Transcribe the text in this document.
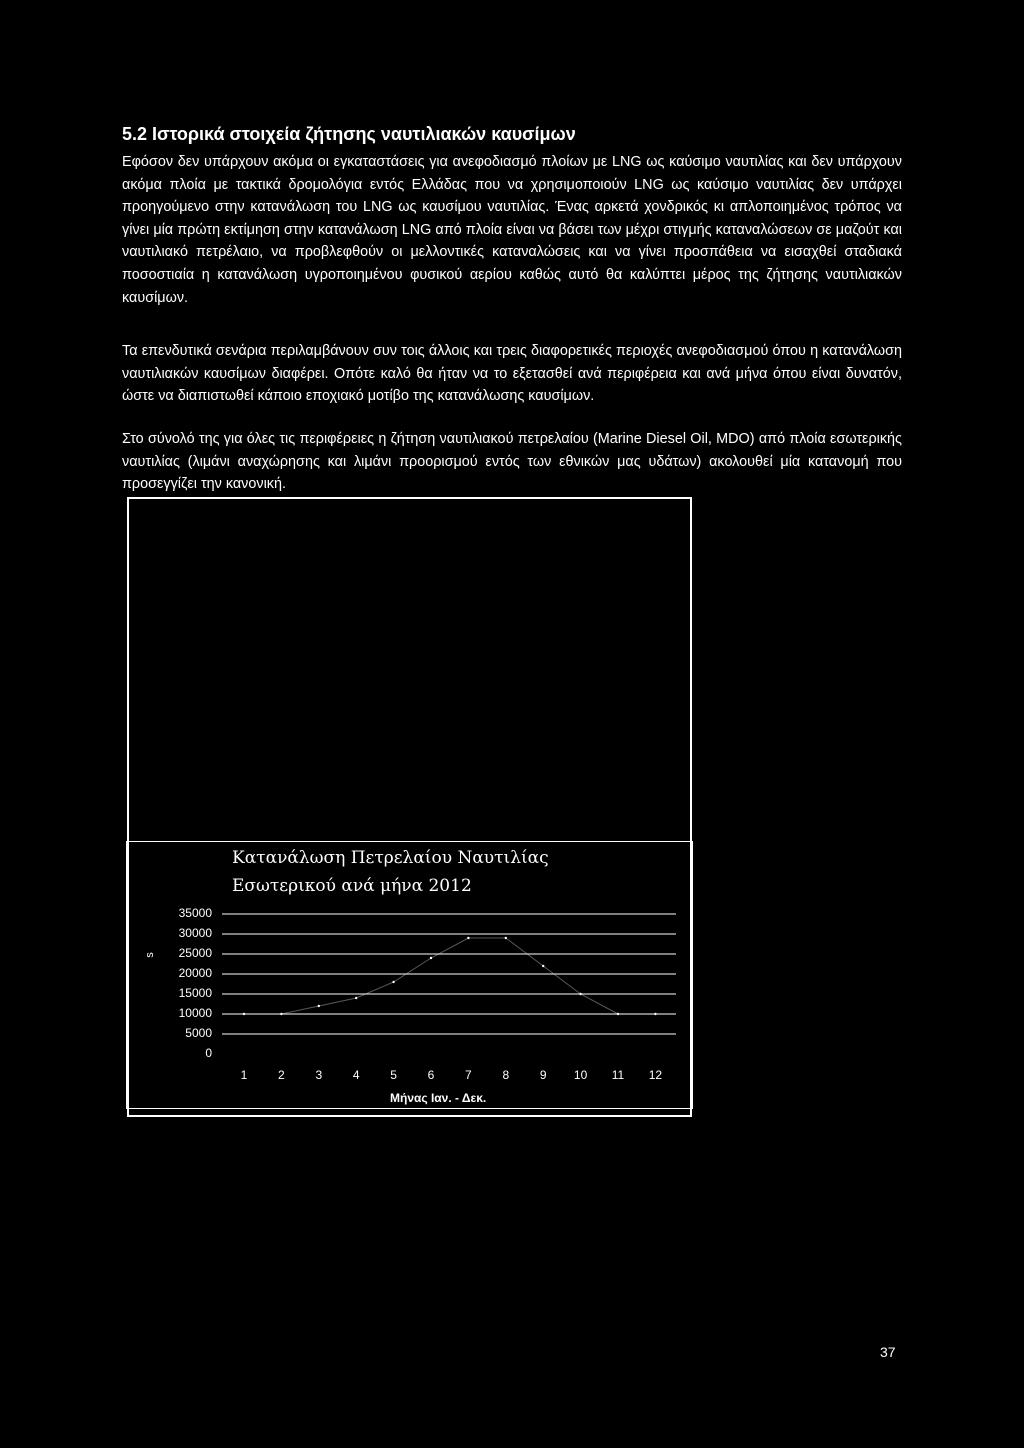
5.2 Ιστορικά στοιχεία ζήτησης ναυτιλιακών καυσίμων

Εφόσον δεν υπάρχουν ακόμα οι εγκαταστάσεις για ανεφοδιασμό πλοίων με LNG ως καύσιμο ναυτιλίας και δεν υπάρχουν ακόμα πλοία με τακτικά δρομολόγια εντός Ελλάδας που να χρησιμοποιούν LNG ως καύσιμο ναυτιλίας δεν υπάρχει προηγούμενο στην κατανάλωση του LNG ως καυσίμου ναυτιλίας. Ένας αρκετά χονδρικός κι απλοποιημένος τρόπος να γίνει μία πρώτη εκτίμηση στην κατανάλωση LNG από πλοία είναι να βάσει των μέχρι στιγμής καταναλώσεων σε μαζούτ και ναυτιλιακό πετρέλαιο, να προβλεφθούν οι μελλοντικές καταναλώσεις και να γίνει προσπάθεια να εισαχθεί σταδιακά ποσοστιαία η κατανάλωση υγροποιημένου φυσικού αερίου καθώς αυτό θα καλύπτει μέρος της ζήτησης ναυτιλιακών καυσίμων.

Τα επενδυτικά σενάρια περιλαμβάνουν συν τοις άλλοις και τρεις διαφορετικές περιοχές ανεφοδιασμού όπου η κατανάλωση ναυτιλιακών καυσίμων διαφέρει. Οπότε καλό θα ήταν να το εξετασθεί ανά περιφέρεια και ανά μήνα όπου είναι δυνατόν, ώστε να διαπιστωθεί κάποιο εποχιακό μοτίβο της κατανάλωσης καυσίμων.

Στο σύνολό της για όλες τις περιφέρειες η ζήτηση ναυτιλιακού πετρελαίου (Marine Diesel Oil, MDO) από πλοία εσωτερικής ναυτιλίας (λιμάνι αναχώρησης και λιμάνι προορισμού εντός των εθνικών μας υδάτων) ακολουθεί μία κατανομή που προσεγγίζει την κανονική.

Κατανάλωση Πετρελαίου Ναυτιλίας
Εσωτερικού ανά μήνα 2012
s
Μήνας Ιαν. - Δεκ.
35000
30000
25000
20000
15000
10000
5000
0
1	2	3	4	5	6	7	8	9	10	11	12
37
